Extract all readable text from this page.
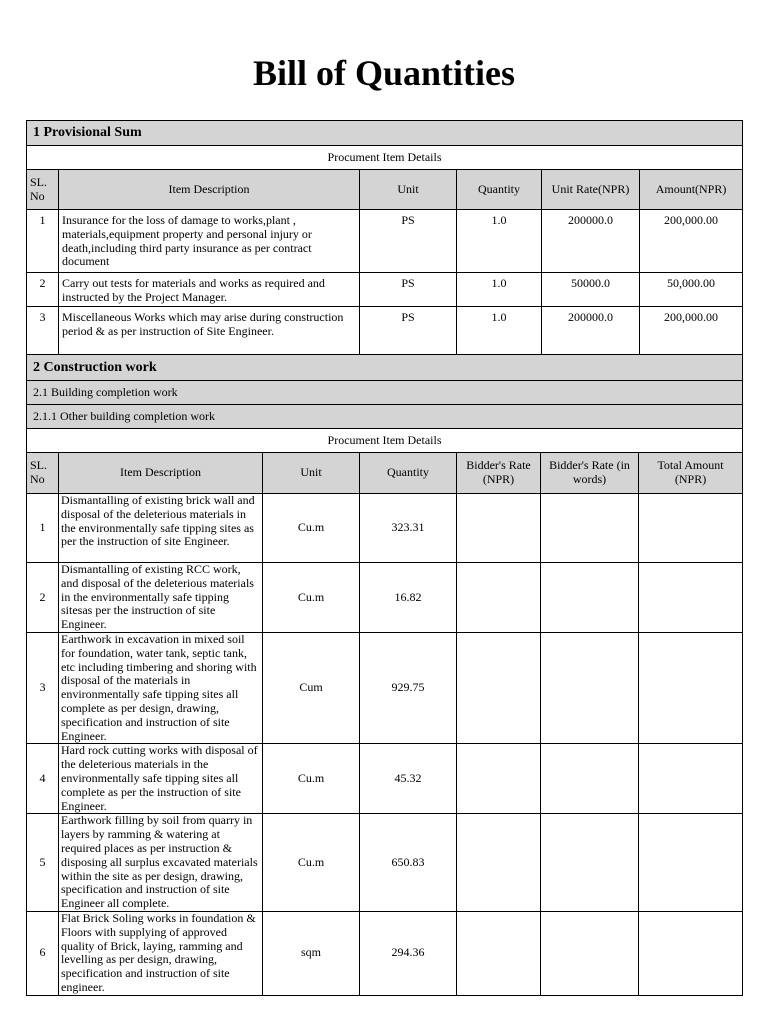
Bill of Quantities
1 Provisional Sum					
Procument Item Details					
SL. No	Item Description	Unit	Quantity	Unit Rate(NPR)	Amount(NPR)
1	Insurance for the loss of damage to works,plant , materials,equipment property and personal injury or death,including third party insurance as per contract document	PS	1.0	200000.0	200,000.00
2	Carry out tests for materials and works as required and instructed by the Project Manager.	PS	1.0	50000.0	50,000.00
3	Miscellaneous Works which may arise during construction period & as per instruction of Site Engineer.	PS	1.0	200000.0	200,000.00
2 Construction work						
2.1 Building completion work						
2.1.1 Other building completion work						
Procument Item Details						
SL. No	Item Description	Unit	Quantity	Bidder's Rate (NPR)	Bidder's Rate (in words)	Total Amount (NPR)
1	Dismantalling of existing brick wall and disposal of the deleterious materials in the environmentally safe tipping sites as per the instruction of site Engineer.	Cu.m	323.31			
2	Dismantalling of existing RCC work, and disposal of the deleterious materials in the environmentally safe tipping sitesas per the instruction of site Engineer.	Cu.m	16.82			
3	Earthwork in excavation in mixed soil for foundation, water tank, septic tank, etc including timbering and shoring with disposal of the materials in environmentally safe tipping sites all complete as per design, drawing, specification and instruction of site Engineer.	Cum	929.75			
4	Hard rock cutting works with disposal of the deleterious materials in the environmentally safe tipping sites all complete as per the instruction of site Engineer.	Cu.m	45.32			
5	Earthwork filling by soil from quarry in layers by ramming & watering at required places as per instruction & disposing all surplus excavated materials within the site as per design, drawing, specification and instruction of site Engineer all complete.	Cu.m	650.83			
6	Flat Brick Soling works in foundation & Floors with supplying of approved quality of Brick, laying, ramming and levelling as per design, drawing, specification and instruction of site engineer.	sqm	294.36			
